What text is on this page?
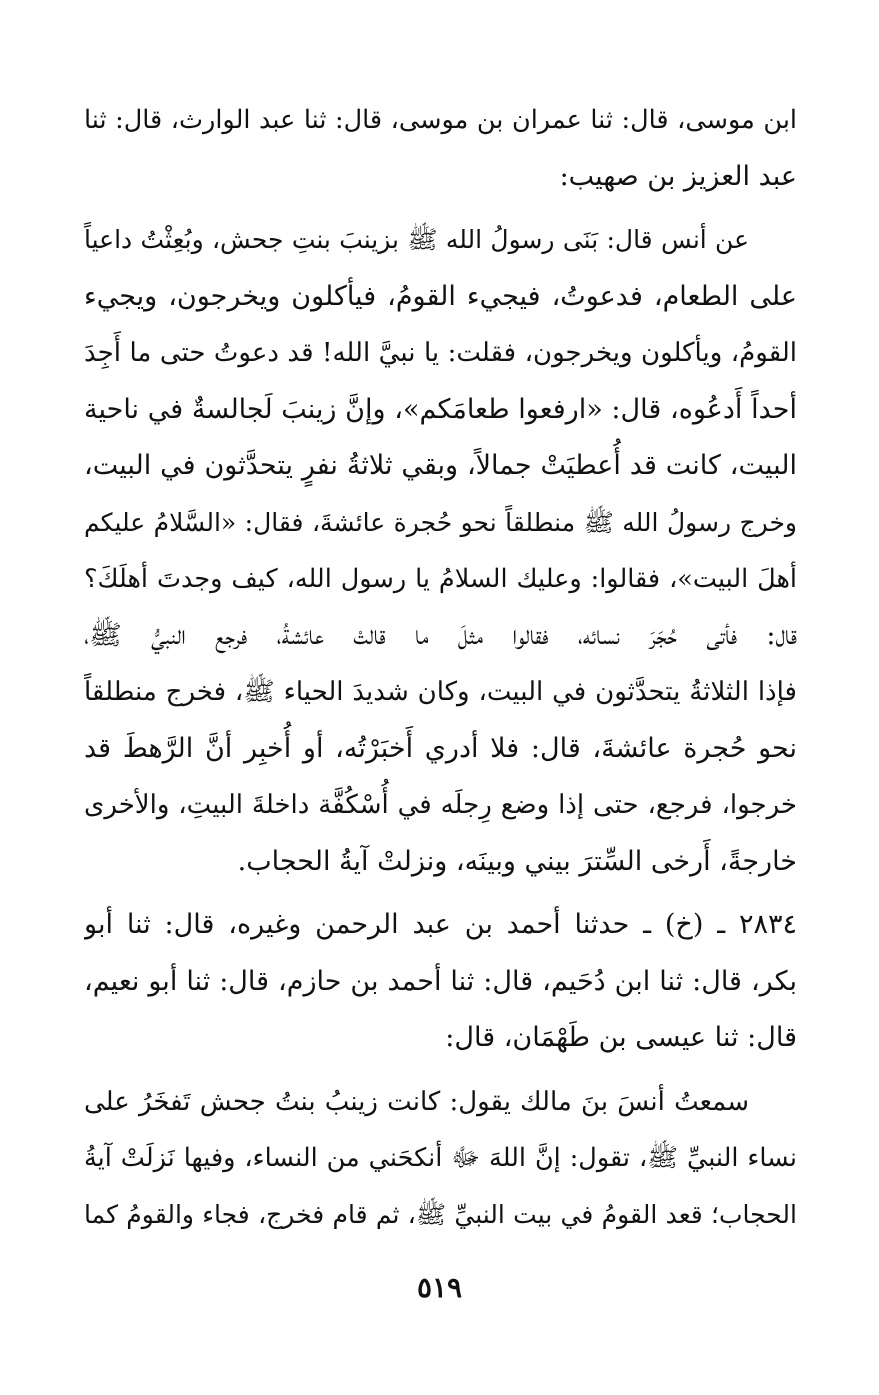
ابن موسى، قال: ثنا عمران بن موسى، قال: ثنا عبد الوارث، قال: ثنا
عبد العزيز بن صهيب:
عن أنس قال: بَنَى رسولُ الله ﷺ بزينبَ بنتِ جحش، وبُعِثْتُ داعياً
على الطعام، فدعوتُ، فيجيء القومُ، فيأكلون ويخرجون، ويجيء
القومُ، ويأكلون ويخرجون، فقلت: يا نبيَّ الله! قد دعوتُ حتى ما أَجِدَ
أحداً أَدعُوه، قال: «ارفعوا طعامَكم»، وإنَّ زينبَ لَجالسةٌ في ناحية
البيت، كانت قد أُعطيَتْ جمالاً، وبقي ثلاثةُ نفرٍ يتحدَّثون في البيت،
وخرج رسولُ الله ﷺ منطلقاً نحو حُجرة عائشةَ، فقال: «السَّلامُ عليكم
أهلَ البيت»، فقالوا: وعليك السلامُ يا رسول الله، كيف وجدتَ أهلَكَ؟
قال: فأتى حُجَرَ نسائه، فقالوا مثلَ ما قالتْ عائشةُ، فرجع النبيُّ ﷺ،
فإذا الثلاثةُ يتحدَّثون في البيت، وكان شديدَ الحياء ﷺ، فخرج منطلقاً
نحو حُجرة عائشةَ، قال: فلا أدري أَخبَرْتُه، أو أُخبِر أنَّ الرَّهطَ قد
خرجوا، فرجع، حتى إذا وضع رِجلَه في أُسْكُفَّة داخلةَ البيتِ، والأخرى
خارجةً، أَرخى السِّترَ بيني وبينَه، ونزلتْ آيةُ الحجاب.
٢٨٣٤ ـ (خ) ـ حدثنا أحمد بن عبد الرحمن وغيره، قال: ثنا أبو
بكر، قال: ثنا ابن دُحَيم، قال: ثنا أحمد بن حازم، قال: ثنا أبو نعيم،
قال: ثنا عيسى بن طَهْمَان، قال:
سمعتُ أنسَ بنَ مالك يقول: كانت زينبُ بنتُ جحش تَفخَرُ على
نساء النبيِّ ﷺ، تقول: إنَّ اللهَ ﷻ أنكحَني من النساء، وفيها نَزلَتْ آيةُ
الحجاب؛ قعد القومُ في بيت النبيِّ ﷺ، ثم قام فخرج، فجاء والقومُ كما
٥١٩
